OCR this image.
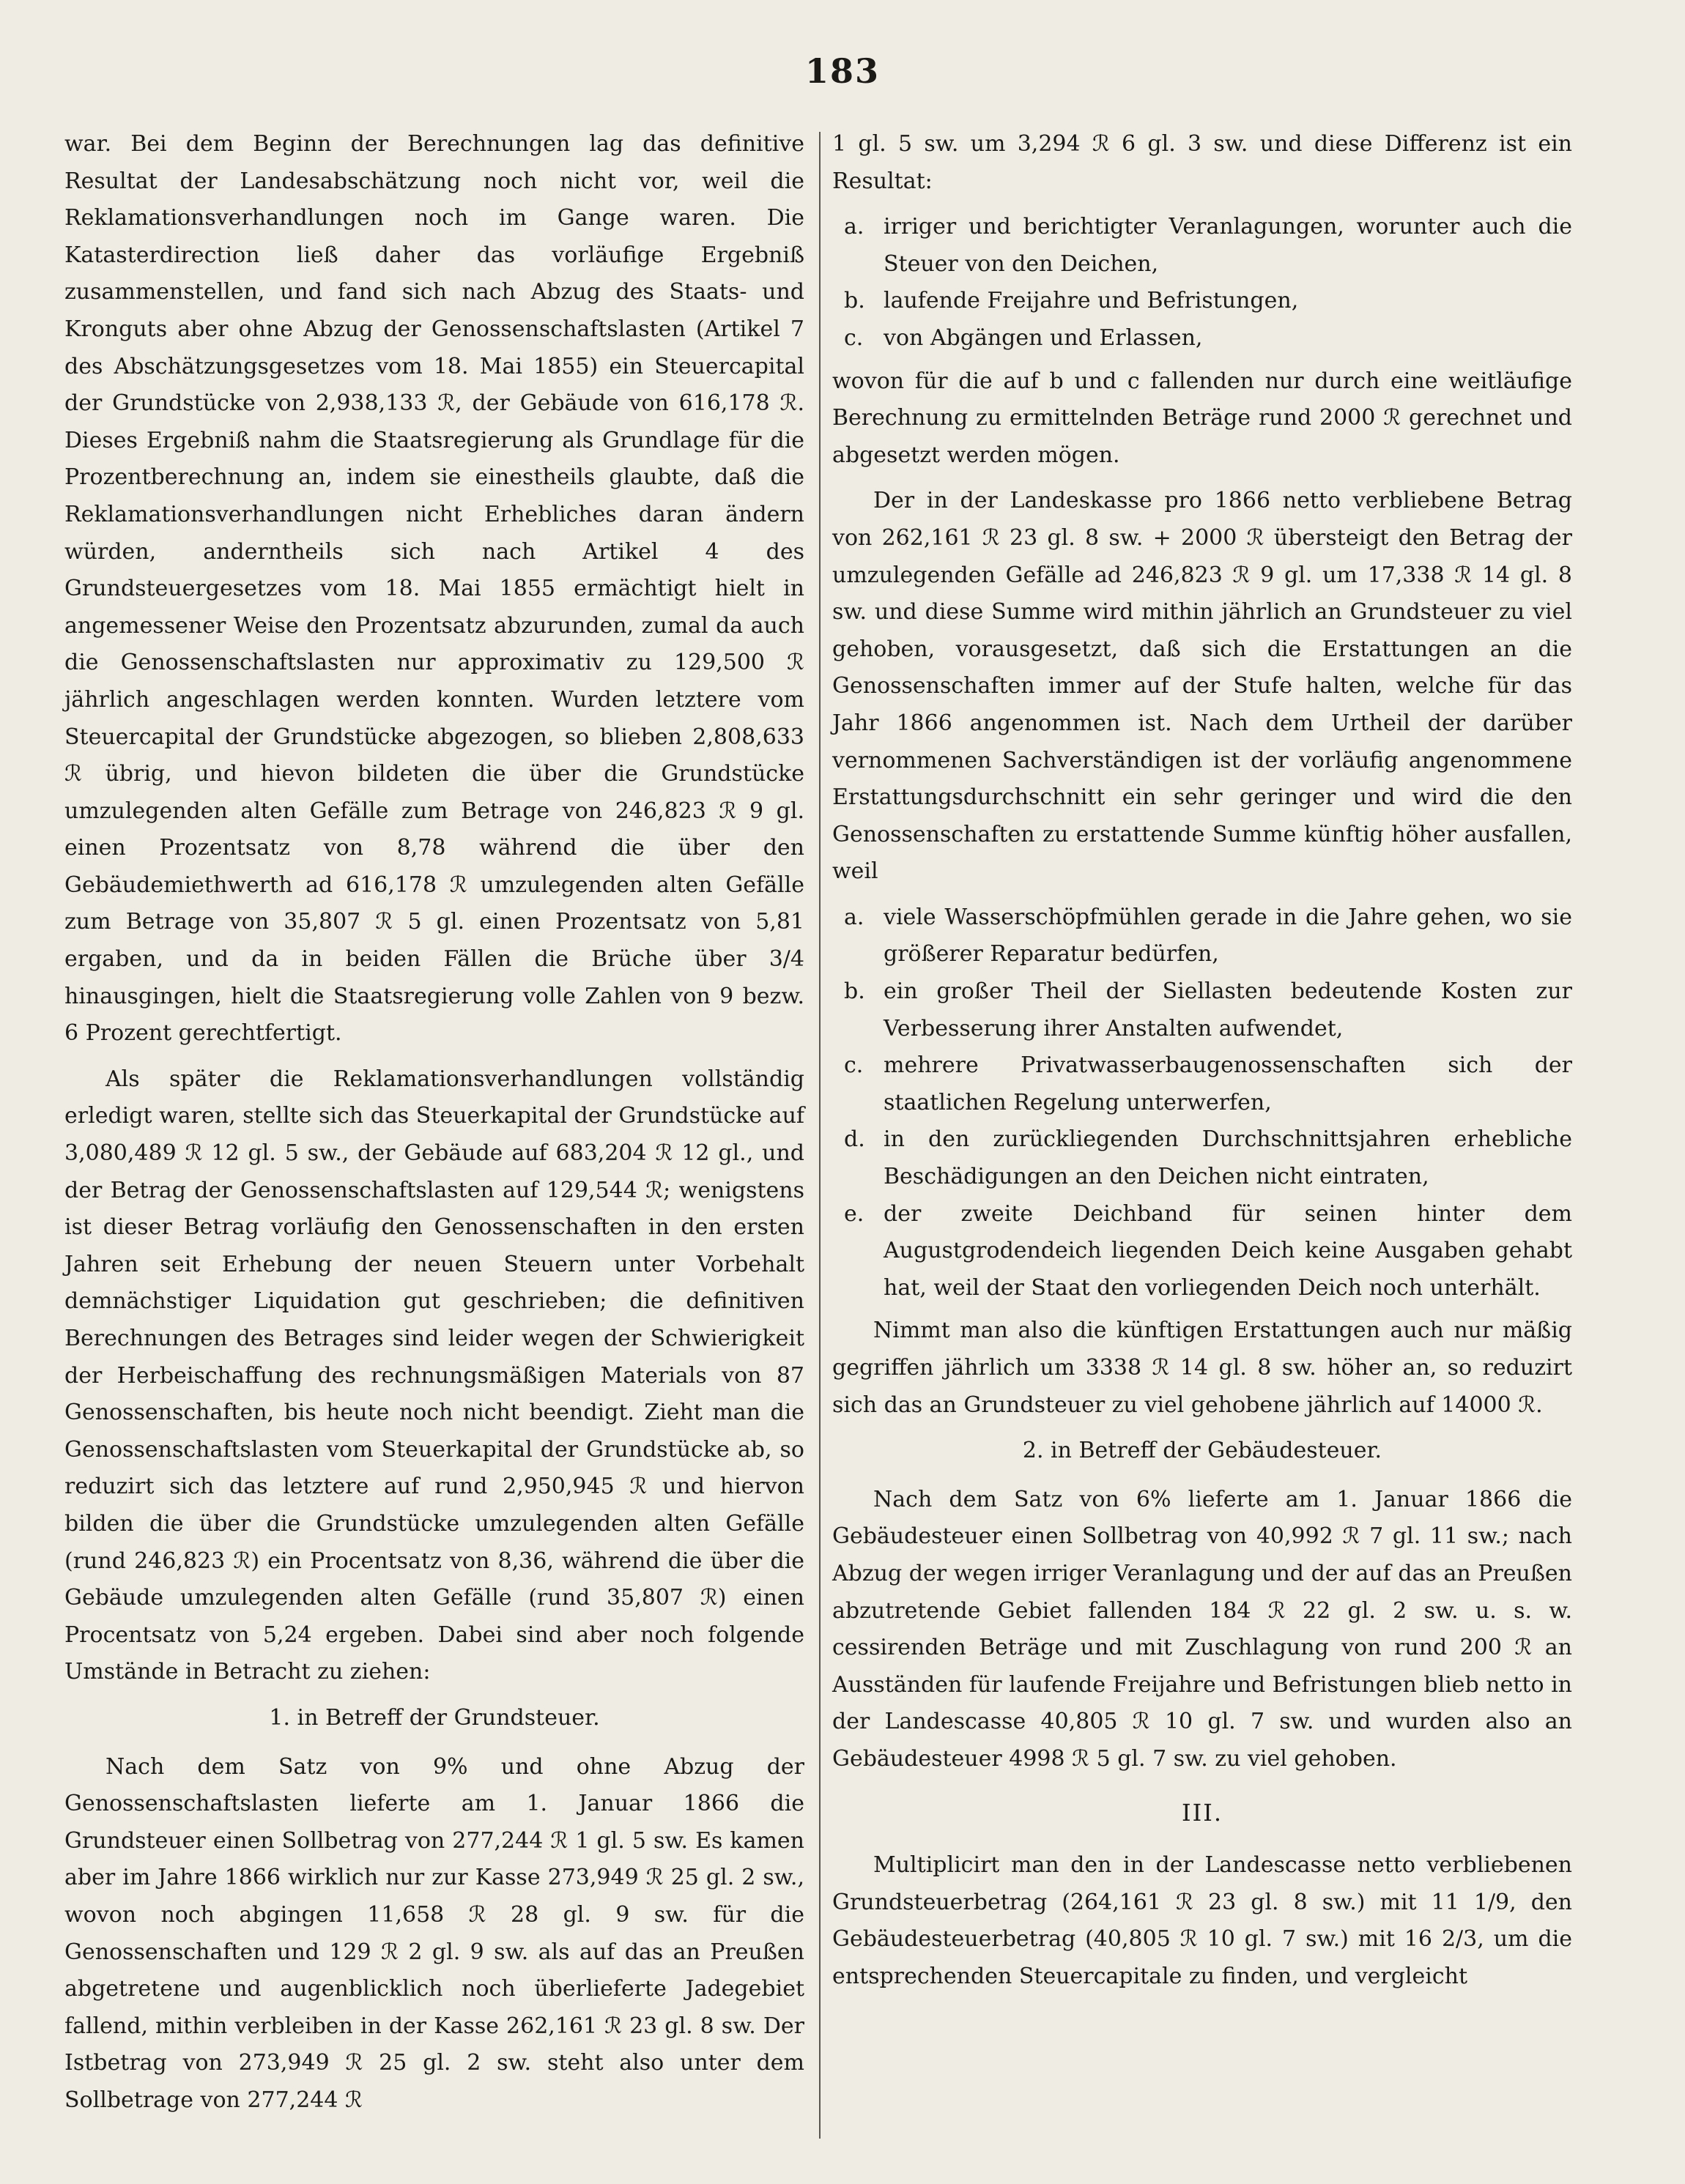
183

war. Bei dem Beginn der Berechnungen lag das definitive Resultat der Landesabschätzung noch nicht vor, weil die Reklamationsverhandlungen noch im Gange waren. Die Katasterdirection ließ daher das vorläufige Ergebniß zusammenstellen, und fand sich nach Abzug des Staats- und Kronguts aber ohne Abzug der Genossenschaftslasten (Artikel 7 des Abschätzungsgesetzes vom 18. Mai 1855) ein Steuercapital der Grundstücke von 2,938,133 ℛ, der Gebäude von 616,178 ℛ. Dieses Ergebniß nahm die Staatsregierung als Grundlage für die Prozentberechnung an, indem sie einestheils glaubte, daß die Reklamationsverhandlungen nicht Erhebliches daran ändern würden, anderntheils sich nach Artikel 4 des Grundsteuergesetzes vom 18. Mai 1855 ermächtigt hielt in angemessener Weise den Prozentsatz abzurunden, zumal da auch die Genossenschaftslasten nur approximativ zu 129,500 ℛ jährlich angeschlagen werden konnten. Wurden letztere vom Steuercapital der Grundstücke abgezogen, so blieben 2,808,633 ℛ übrig, und hievon bildeten die über die Grundstücke umzulegenden alten Gefälle zum Betrage von 246,823 ℛ 9 gl. einen Prozentsatz von 8,78 während die über den Gebäudemiethwerth ad 616,178 ℛ umzulegenden alten Gefälle zum Betrage von 35,807 ℛ 5 gl. einen Prozentsatz von 5,81 ergaben, und da in beiden Fällen die Brüche über 3/4 hinausgingen, hielt die Staatsregierung volle Zahlen von 9 bezw. 6 Prozent gerechtfertigt.

Als später die Reklamationsverhandlungen vollständig erledigt waren, stellte sich das Steuerkapital der Grundstücke auf 3,080,489 ℛ 12 gl. 5 sw., der Gebäude auf 683,204 ℛ 12 gl., und der Betrag der Genossenschaftslasten auf 129,544 ℛ; wenigstens ist dieser Betrag vorläufig den Genossenschaften in den ersten Jahren seit Erhebung der neuen Steuern unter Vorbehalt demnächstiger Liquidation gut geschrieben; die definitiven Berechnungen des Betrages sind leider wegen der Schwierigkeit der Herbeischaffung des rechnungsmäßigen Materials von 87 Genossenschaften, bis heute noch nicht beendigt. Zieht man die Genossenschaftslasten vom Steuerkapital der Grundstücke ab, so reduzirt sich das letztere auf rund 2,950,945 ℛ und hiervon bilden die über die Grundstücke umzulegenden alten Gefälle (rund 246,823 ℛ) ein Procentsatz von 8,36, während die über die Gebäude umzulegenden alten Gefälle (rund 35,807 ℛ) einen Procentsatz von 5,24 ergeben. Dabei sind aber noch folgende Umstände in Betracht zu ziehen:

1. in Betreff der Grundsteuer.

Nach dem Satz von 9% und ohne Abzug der Genossenschaftslasten lieferte am 1. Januar 1866 die Grundsteuer einen Sollbetrag von 277,244 ℛ 1 gl. 5 sw. Es kamen aber im Jahre 1866 wirklich nur zur Kasse 273,949 ℛ 25 gl. 2 sw., wovon noch abgingen 11,658 ℛ 28 gl. 9 sw. für die Genossenschaften und 129 ℛ 2 gl. 9 sw. als auf das an Preußen abgetretene und augenblicklich noch überlieferte Jadegebiet fallend, mithin verbleiben in der Kasse 262,161 ℛ 23 gl. 8 sw. Der Istbetrag von 273,949 ℛ 25 gl. 2 sw. steht also unter dem Sollbetrage von 277,244 ℛ

1 gl. 5 sw. um 3,294 ℛ 6 gl. 3 sw. und diese Differenz ist ein Resultat:

a. irriger und berichtigter Veranlagungen, worunter auch die Steuer von den Deichen,
b. laufende Freijahre und Befristungen,
c. von Abgängen und Erlassen,

wovon für die auf b und c fallenden nur durch eine weitläufige Berechnung zu ermittelnden Beträge rund 2000 ℛ gerechnet und abgesetzt werden mögen.

Der in der Landeskasse pro 1866 netto verbliebene Betrag von 262,161 ℛ 23 gl. 8 sw. + 2000 ℛ übersteigt den Betrag der umzulegenden Gefälle ad 246,823 ℛ 9 gl. um 17,338 ℛ 14 gl. 8 sw. und diese Summe wird mithin jährlich an Grundsteuer zu viel gehoben, vorausgesetzt, daß sich die Erstattungen an die Genossenschaften immer auf der Stufe halten, welche für das Jahr 1866 angenommen ist. Nach dem Urtheil der darüber vernommenen Sachverständigen ist der vorläufig angenommene Erstattungsdurchschnitt ein sehr geringer und wird die den Genossenschaften zu erstattende Summe künftig höher ausfallen, weil

a. viele Wasserschöpfmühlen gerade in die Jahre gehen, wo sie größerer Reparatur bedürfen,
b. ein großer Theil der Siellasten bedeutende Kosten zur Verbesserung ihrer Anstalten aufwendet,
c. mehrere Privatwasserbaugenossenschaften sich der staatlichen Regelung unterwerfen,
d. in den zurückliegenden Durchschnittsjahren erhebliche Beschädigungen an den Deichen nicht eintraten,
e. der zweite Deichband für seinen hinter dem Augustgrodendeich liegenden Deich keine Ausgaben gehabt hat, weil der Staat den vorliegenden Deich noch unterhält.

Nimmt man also die künftigen Erstattungen auch nur mäßig gegriffen jährlich um 3338 ℛ 14 gl. 8 sw. höher an, so reduzirt sich das an Grundsteuer zu viel gehobene jährlich auf 14000 ℛ.

2. in Betreff der Gebäudesteuer.

Nach dem Satz von 6% lieferte am 1. Januar 1866 die Gebäudesteuer einen Sollbetrag von 40,992 ℛ 7 gl. 11 sw.; nach Abzug der wegen irriger Veranlagung und der auf das an Preußen abzutretende Gebiet fallenden 184 ℛ 22 gl. 2 sw. u. s. w. cessirenden Beträge und mit Zuschlagung von rund 200 ℛ an Ausständen für laufende Freijahre und Befristungen blieb netto in der Landescasse 40,805 ℛ 10 gl. 7 sw. und wurden also an Gebäudesteuer 4998 ℛ 5 gl. 7 sw. zu viel gehoben.

III.

Multiplicirt man den in der Landescasse netto verbliebenen Grundsteuerbetrag (264,161 ℛ 23 gl. 8 sw.) mit 11 1/9, den Gebäudesteuerbetrag (40,805 ℛ 10 gl. 7 sw.) mit 16 2/3, um die entsprechenden Steuercapitale zu finden, und vergleicht
